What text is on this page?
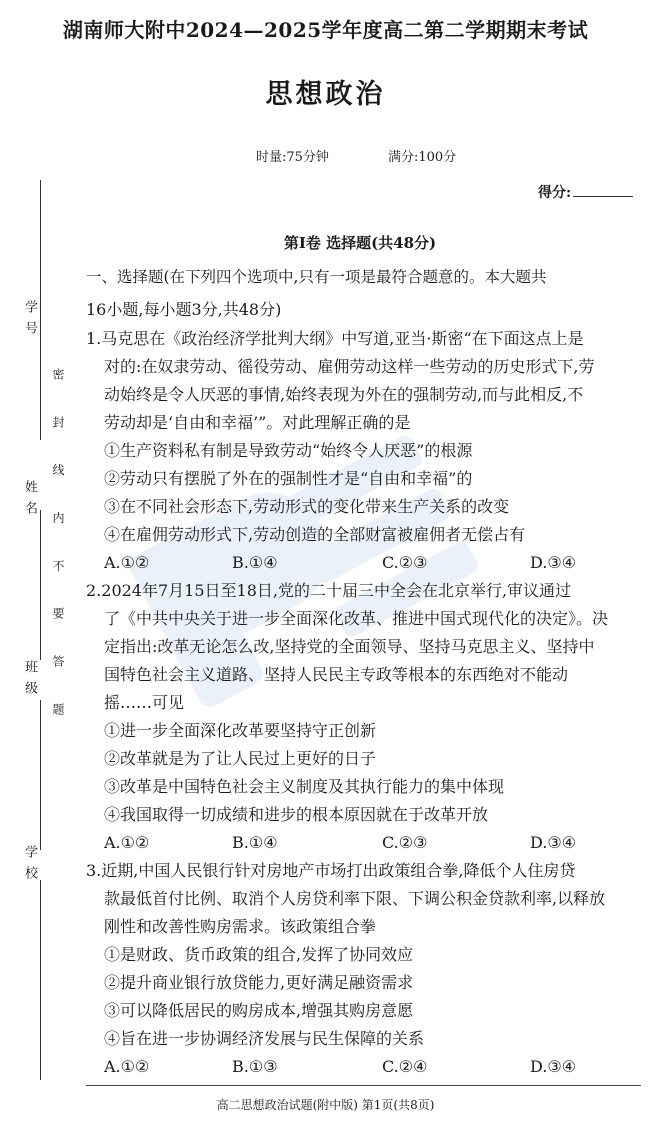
学 号
姓 名
班 级
学 校
密 封 线 内 不 要 答 题
湖南师大附中2024—2025学年度高二第二学期期末考试
思想政治
时量:75分钟	满分:100分
得分:
第Ⅰ卷 选择题(共48分)
一、选择题(在下列四个选项中,只有一项是最符合题意的。本大题共
16小题,每小题3分,共48分)
1.马克思在《政治经济学批判大纲》中写道,亚当·斯密“在下面这点上是
对的:在奴隶劳动、徭役劳动、雇佣劳动这样一些劳动的历史形式下,劳
动始终是令人厌恶的事情,始终表现为外在的强制劳动,而与此相反,不
劳动却是‘自由和幸福’”。对此理解正确的是
①生产资料私有制是导致劳动“始终令人厌恶”的根源
②劳动只有摆脱了外在的强制性才是“自由和幸福”的
③在不同社会形态下,劳动形式的变化带来生产关系的改变
④在雇佣劳动形式下,劳动创造的全部财富被雇佣者无偿占有
A.①②	B.①④	C.②③	D.③④
2.2024年7月15日至18日,党的二十届三中全会在北京举行,审议通过
了《中共中央关于进一步全面深化改革、推进中国式现代化的决定》。决
定指出:改革无论怎么改,坚持党的全面领导、坚持马克思主义、坚持中
国特色社会主义道路、坚持人民民主专政等根本的东西绝对不能动
摇……可见
①进一步全面深化改革要坚持守正创新
②改革就是为了让人民过上更好的日子
③改革是中国特色社会主义制度及其执行能力的集中体现
④我国取得一切成绩和进步的根本原因就在于改革开放
A.①②	B.①④	C.②③	D.③④
3.近期,中国人民银行针对房地产市场打出政策组合拳,降低个人住房贷
款最低首付比例、取消个人房贷利率下限、下调公积金贷款利率,以释放
刚性和改善性购房需求。该政策组合拳
①是财政、货币政策的组合,发挥了协同效应
②提升商业银行放贷能力,更好满足融资需求
③可以降低居民的购房成本,增强其购房意愿
④旨在进一步协调经济发展与民生保障的关系
A.①②	B.①③	C.②④	D.③④
高二思想政治试题(附中版) 第1页(共8页)
